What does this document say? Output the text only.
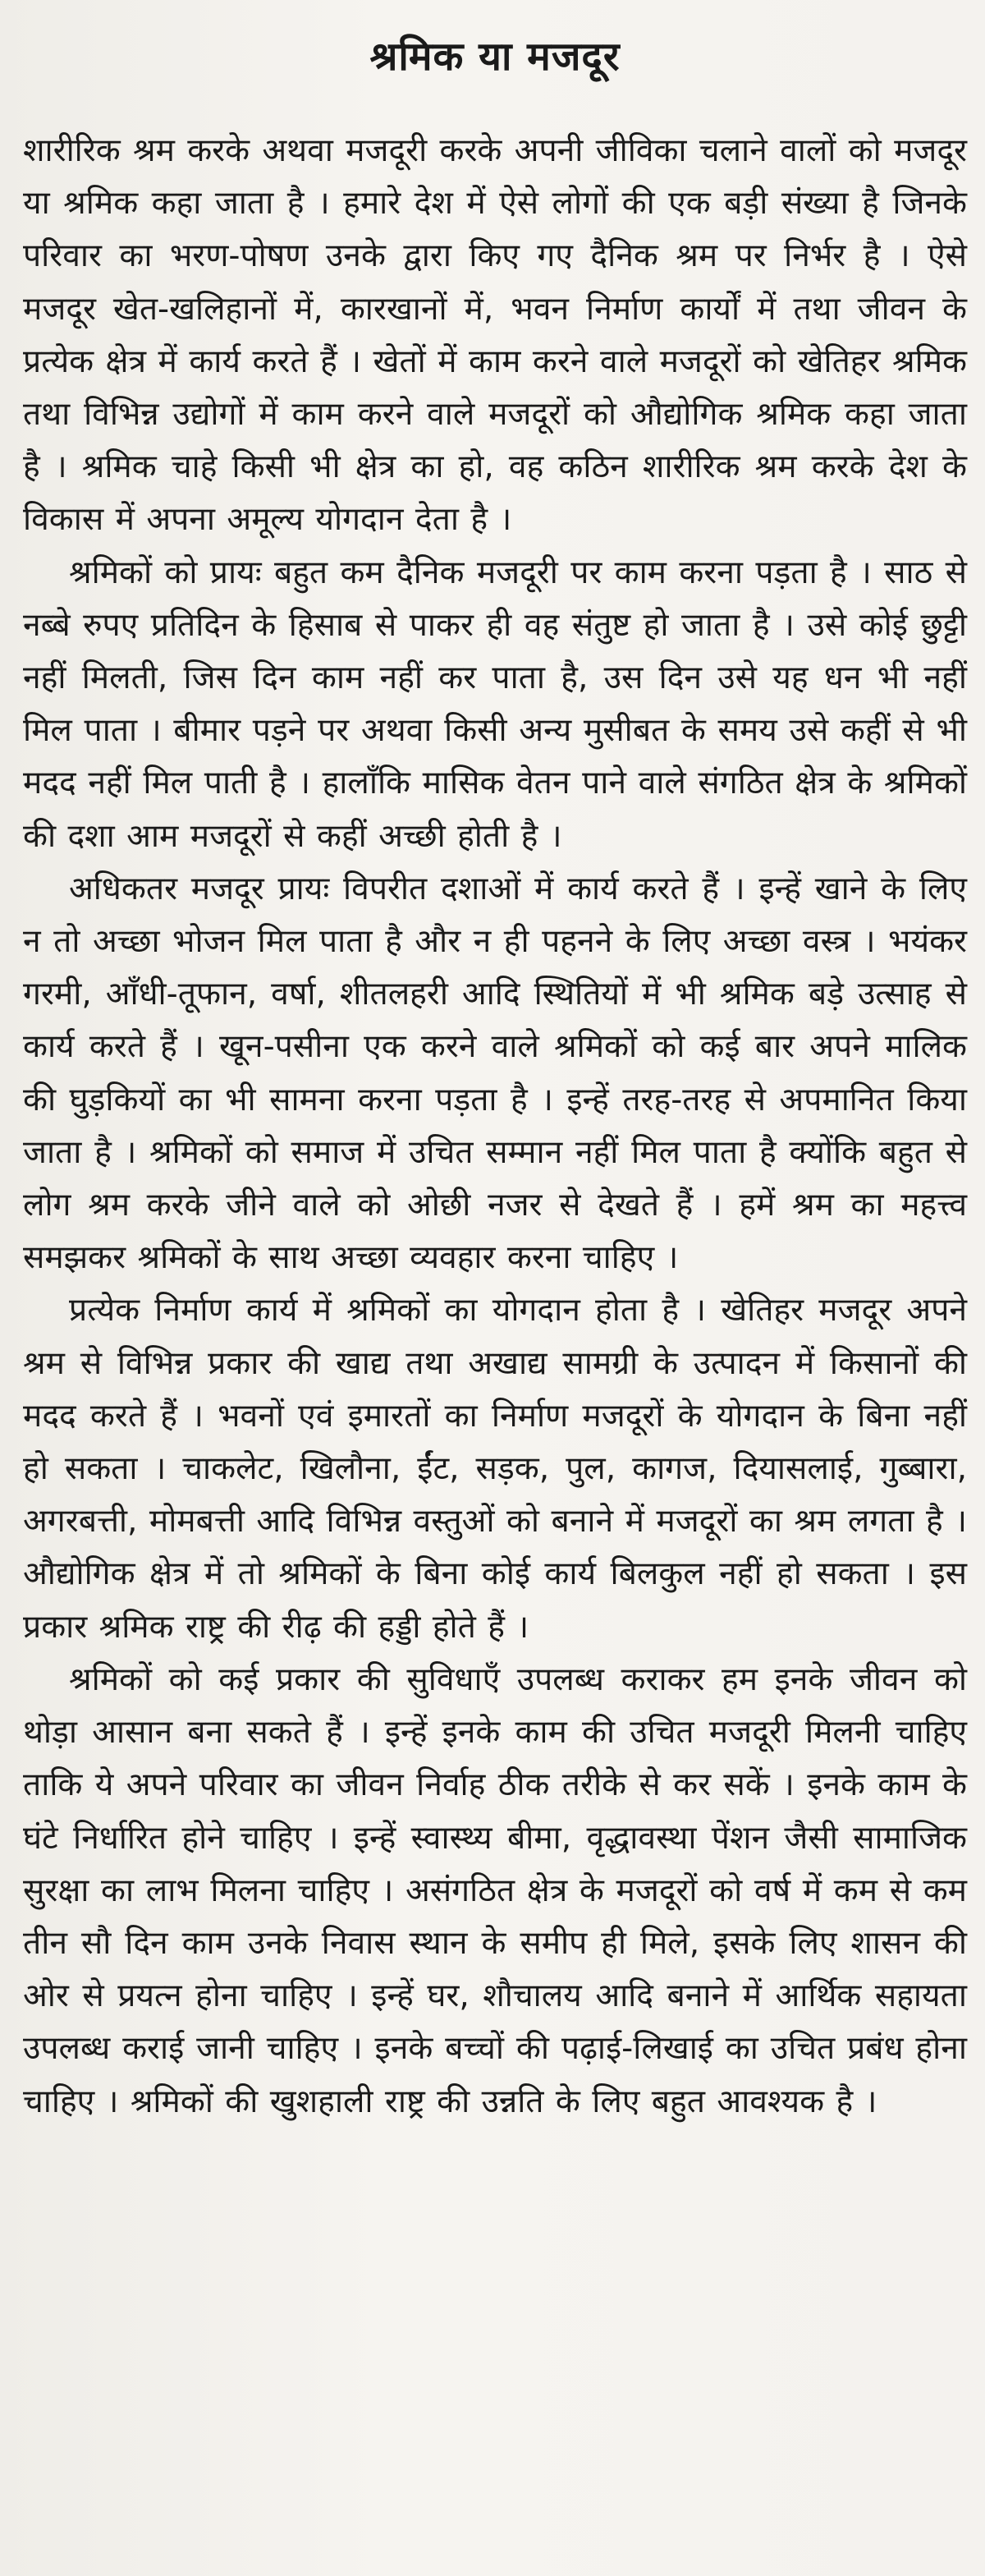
श्रमिक या मजदूर

शारीरिक श्रम करके अथवा मजदूरी करके अपनी जीविका चलाने वालों को मजदूर या श्रमिक कहा जाता है । हमारे देश में ऐसे लोगों की एक बड़ी संख्या है जिनके परिवार का भरण-पोषण उनके द्वारा किए गए दैनिक श्रम पर निर्भर है । ऐसे मजदूर खेत-खलिहानों में, कारखानों में, भवन निर्माण कार्यों में तथा जीवन के प्रत्येक क्षेत्र में कार्य करते हैं । खेतों में काम करने वाले मजदूरों को खेतिहर श्रमिक तथा विभिन्न उद्योगों में काम करने वाले मजदूरों को औद्योगिक श्रमिक कहा जाता है । श्रमिक चाहे किसी भी क्षेत्र का हो, वह कठिन शारीरिक श्रम करके देश के विकास में अपना अमूल्य योगदान देता है ।

श्रमिकों को प्रायः बहुत कम दैनिक मजदूरी पर काम करना पड़ता है । साठ से नब्बे रुपए प्रतिदिन के हिसाब से पाकर ही वह संतुष्ट हो जाता है । उसे कोई छुट्टी नहीं मिलती, जिस दिन काम नहीं कर पाता है, उस दिन उसे यह धन भी नहीं मिल पाता । बीमार पड़ने पर अथवा किसी अन्य मुसीबत के समय उसे कहीं से भी मदद नहीं मिल पाती है । हालाँकि मासिक वेतन पाने वाले संगठित क्षेत्र के श्रमिकों की दशा आम मजदूरों से कहीं अच्छी होती है ।

अधिकतर मजदूर प्रायः विपरीत दशाओं में कार्य करते हैं । इन्हें खाने के लिए न तो अच्छा भोजन मिल पाता है और न ही पहनने के लिए अच्छा वस्त्र । भयंकर गरमी, आँधी-तूफान, वर्षा, शीतलहरी आदि स्थितियों में भी श्रमिक बड़े उत्साह से कार्य करते हैं । खून-पसीना एक करने वाले श्रमिकों को कई बार अपने मालिक की घुड़कियों का भी सामना करना पड़ता है । इन्हें तरह-तरह से अपमानित किया जाता है । श्रमिकों को समाज में उचित सम्मान नहीं मिल पाता है क्योंकि बहुत से लोग श्रम करके जीने वाले को ओछी नजर से देखते हैं । हमें श्रम का महत्त्व समझकर श्रमिकों के साथ अच्छा व्यवहार करना चाहिए ।

प्रत्येक निर्माण कार्य में श्रमिकों का योगदान होता है । खेतिहर मजदूर अपने श्रम से विभिन्न प्रकार की खाद्य तथा अखाद्य सामग्री के उत्पादन में किसानों की मदद करते हैं । भवनों एवं इमारतों का निर्माण मजदूरों के योगदान के बिना नहीं हो सकता । चाकलेट, खिलौना, ईंट, सड़क, पुल, कागज, दियासलाई, गुब्बारा, अगरबत्ती, मोमबत्ती आदि विभिन्न वस्तुओं को बनाने में मजदूरों का श्रम लगता है । औद्योगिक क्षेत्र में तो श्रमिकों के बिना कोई कार्य बिलकुल नहीं हो सकता । इस प्रकार श्रमिक राष्ट्र की रीढ़ की हड्डी होते हैं ।

श्रमिकों को कई प्रकार की सुविधाएँ उपलब्ध कराकर हम इनके जीवन को थोड़ा आसान बना सकते हैं । इन्हें इनके काम की उचित मजदूरी मिलनी चाहिए ताकि ये अपने परिवार का जीवन निर्वाह ठीक तरीके से कर सकें । इनके काम के घंटे निर्धारित होने चाहिए । इन्हें स्वास्थ्य बीमा, वृद्धावस्था पेंशन जैसी सामाजिक सुरक्षा का लाभ मिलना चाहिए । असंगठित क्षेत्र के मजदूरों को वर्ष में कम से कम तीन सौ दिन काम उनके निवास स्थान के समीप ही मिले, इसके लिए शासन की ओर से प्रयत्न होना चाहिए । इन्हें घर, शौचालय आदि बनाने में आर्थिक सहायता उपलब्ध कराई जानी चाहिए । इनके बच्चों की पढ़ाई-लिखाई का उचित प्रबंध होना चाहिए । श्रमिकों की खुशहाली राष्ट्र की उन्नति के लिए बहुत आवश्यक है ।
